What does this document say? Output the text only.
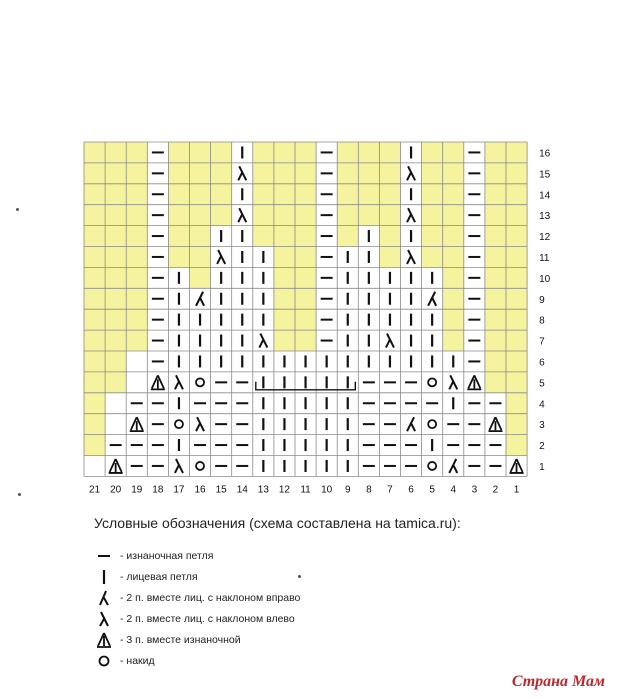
21 20 19 18 17 16 15 14 13 12 11 10 9 8 7 6 5 4 3 2 1
16
15
14
13
12
11
10
9
8
7
6
5
4
3
2
1
Условные обозначения (схема составлена на tamica.ru):
- изнаночная петля
- лицевая петля
- 2 п. вместе лиц. с наклоном вправо
- 2 п. вместе лиц. с наклоном влево
- 3 п. вместе изнаночной
- накид
Страна Мам
